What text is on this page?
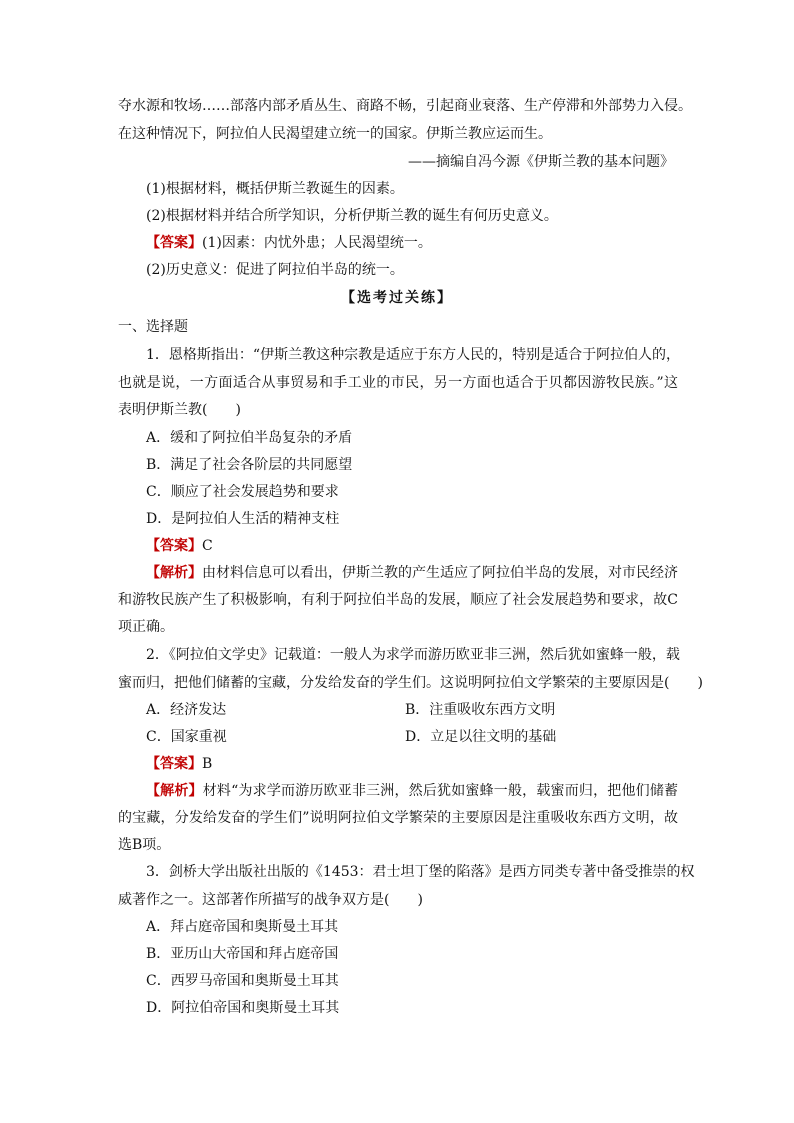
夺水源和牧场……部落内部矛盾丛生、商路不畅，引起商业衰落、生产停滞和外部势力入侵。
在这种情况下，阿拉伯人民渴望建立统一的国家。伊斯兰教应运而生。
——摘编自冯今源《伊斯兰教的基本问题》
(1)根据材料，概括伊斯兰教诞生的因素。
(2)根据材料并结合所学知识，分析伊斯兰教的诞生有何历史意义。
【答案】(1)因素：内忧外患；人民渴望统一。
(2)历史意义：促进了阿拉伯半岛的统一。
【选考过关练】
一、选择题
1．恩格斯指出：“伊斯兰教这种宗教是适应于东方人民的，特别是适合于阿拉伯人的，
也就是说，一方面适合从事贸易和手工业的市民，另一方面也适合于贝都因游牧民族。”这
表明伊斯兰教(　　)
A．缓和了阿拉伯半岛复杂的矛盾
B．满足了社会各阶层的共同愿望
C．顺应了社会发展趋势和要求
D．是阿拉伯人生活的精神支柱
【答案】C
【解析】由材料信息可以看出，伊斯兰教的产生适应了阿拉伯半岛的发展，对市民经济
和游牧民族产生了积极影响，有利于阿拉伯半岛的发展，顺应了社会发展趋势和要求，故C
项正确。
2．《阿拉伯文学史》记载道：一般人为求学而游历欧亚非三洲，然后犹如蜜蜂一般，载
蜜而归，把他们储蓄的宝藏，分发给发奋的学生们。这说明阿拉伯文学繁荣的主要原因是(　　)
A．经济发达	B．注重吸收东西方文明
C．国家重视	D．立足以往文明的基础
【答案】B
【解析】材料“为求学而游历欧亚非三洲，然后犹如蜜蜂一般，载蜜而归，把他们储蓄
的宝藏，分发给发奋的学生们”说明阿拉伯文学繁荣的主要原因是注重吸收东西方文明，故
选B项。
3．剑桥大学出版社出版的《1453：君士坦丁堡的陷落》是西方同类专著中备受推崇的权
威著作之一。这部著作所描写的战争双方是(　　)
A．拜占庭帝国和奥斯曼土耳其
B．亚历山大帝国和拜占庭帝国
C．西罗马帝国和奥斯曼土耳其
D．阿拉伯帝国和奥斯曼土耳其
